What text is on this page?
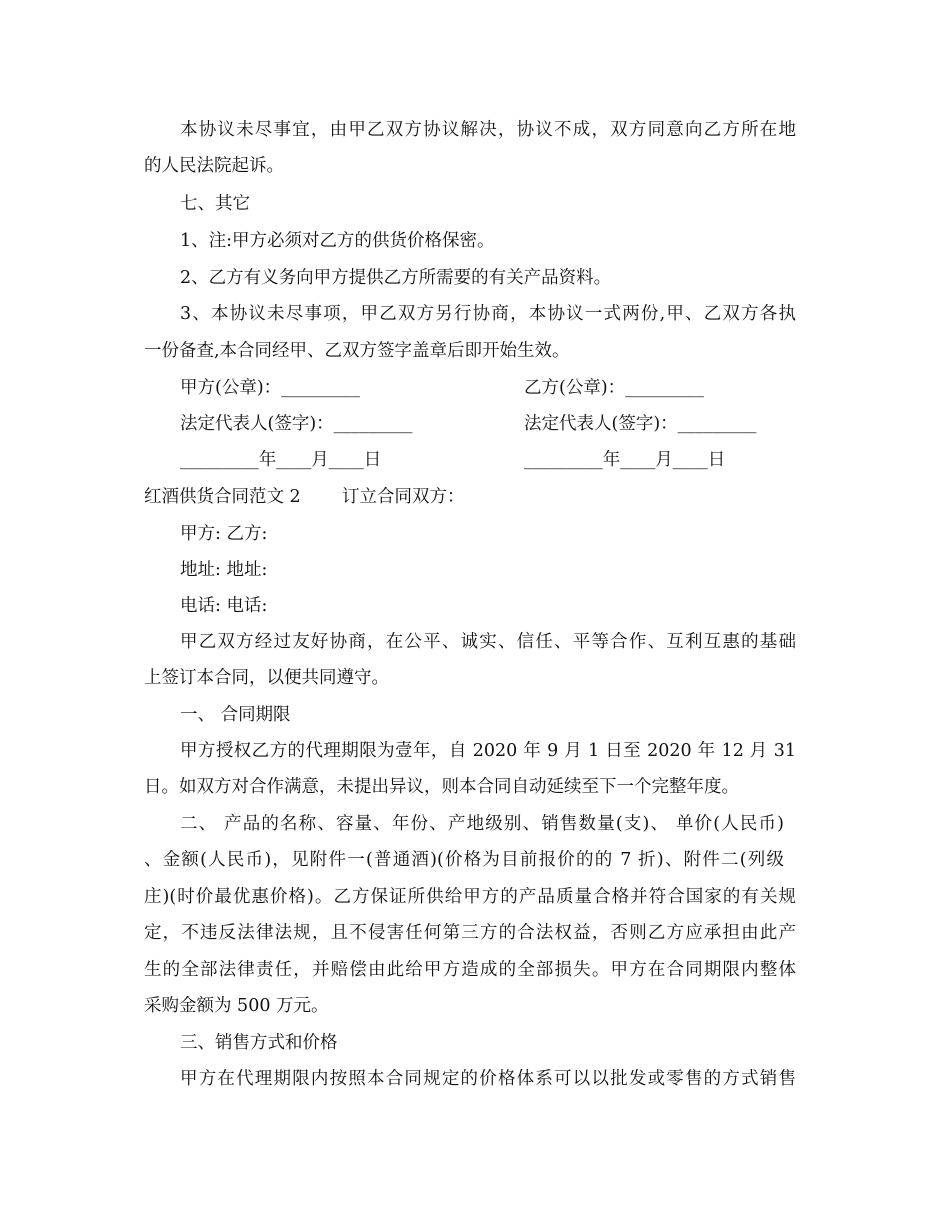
本协议未尽事宜，由甲乙双方协议解决，协议不成，双方同意向乙方所在地
的人民法院起诉。
七、其它
1、注:甲方必须对乙方的供货价格保密。
2、乙方有义务向甲方提供乙方所需要的有关产品资料。
3、本协议未尽事项，甲乙双方另行协商，本协议一式两份,甲、乙双方各执
一份备查,本合同经甲、乙双方签字盖章后即开始生效。
甲方(公章)：_________	乙方(公章)：_________
法定代表人(签字)：_________	法定代表人(签字)：_________
_________年____月____日	_________年____月____日
红酒供货合同范文 2 订立合同双方：
甲方: 乙方:
地址: 地址:
电话: 电话:
甲乙双方经过友好协商，在公平、诚实、信任、平等合作、互利互惠的基础
上签订本合同，以便共同遵守。
一、 合同期限
甲方授权乙方的代理期限为壹年，自 2020 年 9 月 1 日至 2020 年 12 月 31
日。如双方对合作满意，未提出异议，则本合同自动延续至下一个完整年度。
二、 产品的名称、容量、年份、产地级别、销售数量(支)、 单价(人民币)
、金额(人民币)，见附件一(普通酒)(价格为目前报价的的 7 折)、附件二(列级
庄)(时价最优惠价格)。乙方保证所供给甲方的产品质量合格并符合国家的有关规
定，不违反法律法规，且不侵害任何第三方的合法权益，否则乙方应承担由此产
生的全部法律责任，并赔偿由此给甲方造成的全部损失。甲方在合同期限内整体
采购金额为 500 万元。
三、销售方式和价格
甲方在代理期限内按照本合同规定的价格体系可以以批发或零售的方式销售
